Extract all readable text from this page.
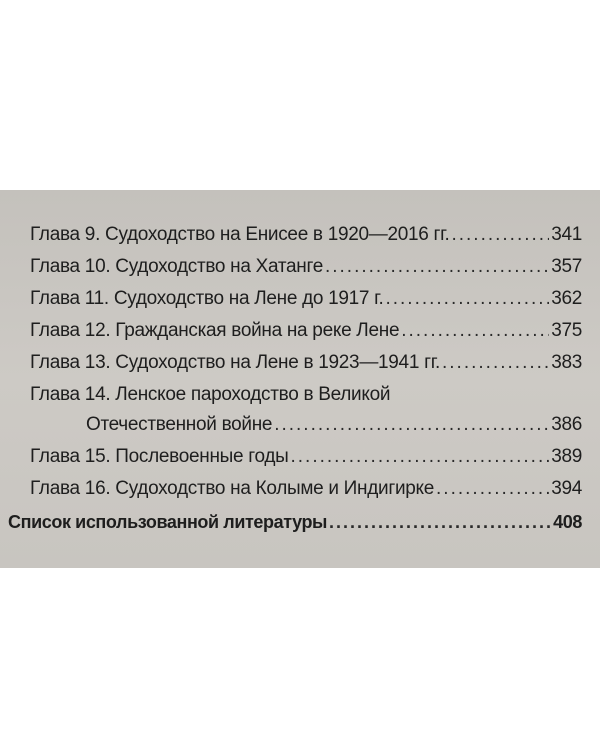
Глава 9. Судоходство на Енисее в 1920—2016 гг. .....	341
Глава 10. Судоходство на Хатанге .....	357
Глава 11. Судоходство на Лене до 1917 г. .....	362
Глава 12. Гражданская война на реке Лене .....	375
Глава 13. Судоходство на Лене в 1923—1941 гг. .....	383
Глава 14. Ленское пароходство в Великой
Отечественной войне .....	386
Глава 15. Послевоенные годы .....	389
Глава 16. Судоходство на Колыме и Индигирке .....	394
Список использованной литературы .....	408
